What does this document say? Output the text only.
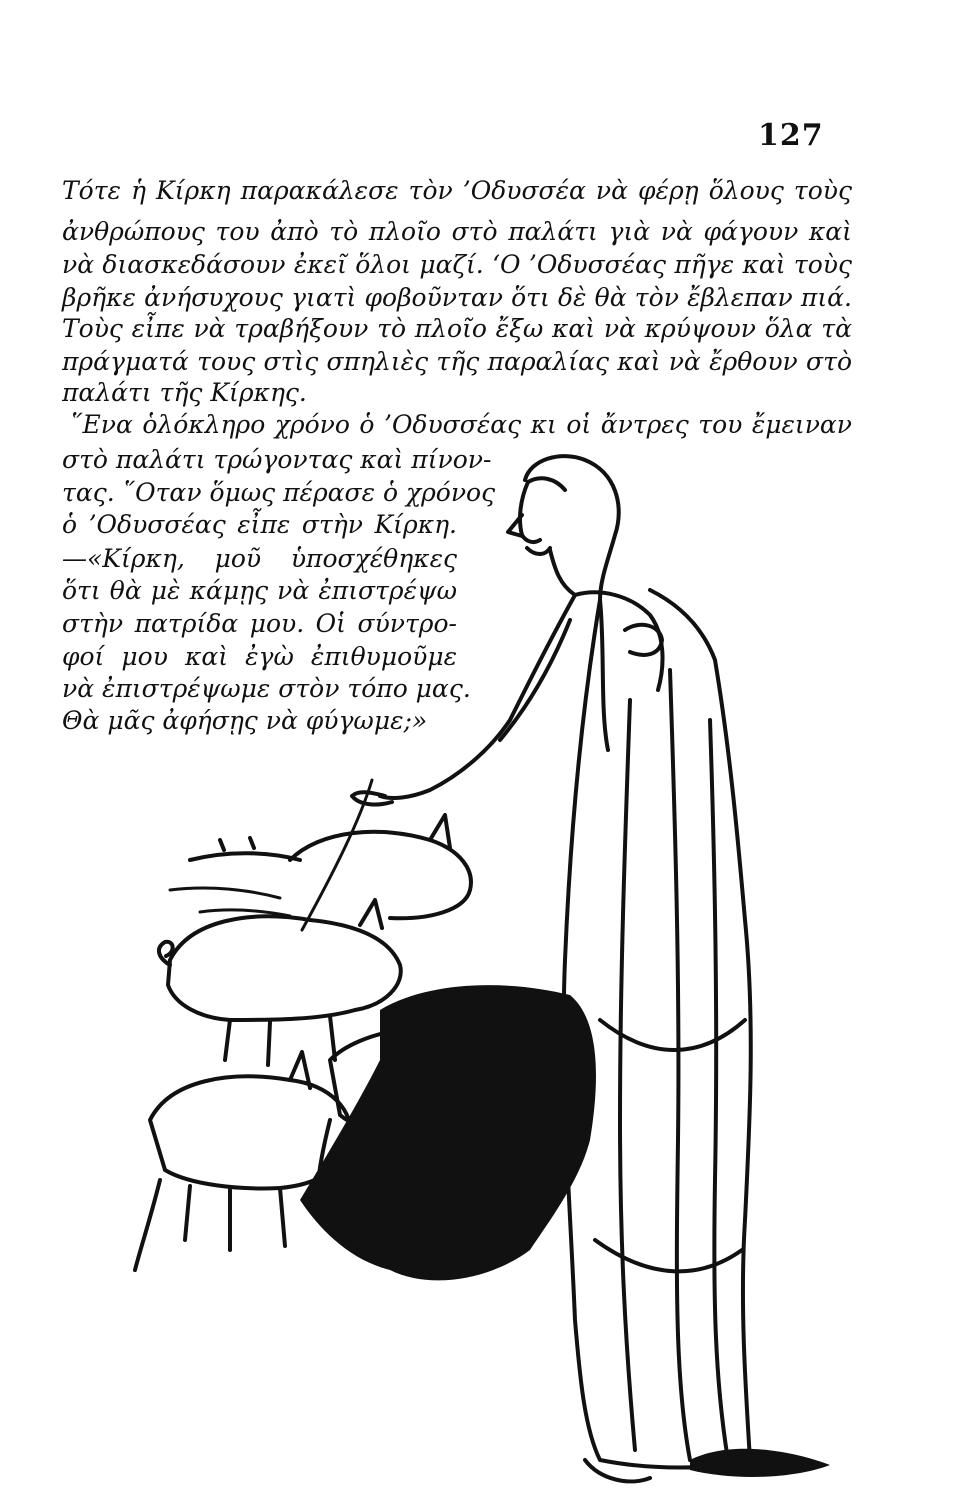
127

Τότε ἡ Κίρκη παρακάλεσε τὸν ’Οδυσσέα νὰ φέρῃ ὅλους τοὺς

ἀνθρώπους του ἀπὸ τὸ πλοῖο στὸ παλάτι γιὰ νὰ φάγουν καὶ

νὰ διασκεδάσουν ἐκεῖ ὅλοι μαζί. ‘Ο ’Οδυσσέας πῆγε καὶ τοὺς

βρῆκε ἀνήσυχους γιατὶ φοβοῦνταν ὅτι δὲ θὰ τὸν ἔβλεπαν πιά.

Τοὺς εἶπε νὰ τραβήξουν τὸ πλοῖο ἔξω καὶ νὰ κρύψουν ὅλα τὰ

πράγματά τους στὶς σπηλιὲς τῆς παραλίας καὶ νὰ ἔρθουν στὸ

παλάτι τῆς Κίρκης.

῞Ενα ὁλόκληρο χρόνο ὁ ’Οδυσσέας κι οἱ ἄντρες του ἔμειναν

στὸ παλάτι τρώγοντας καὶ πίνον-

τας. ῞Οταν ὅμως πέρασε ὁ χρόνος

ὁ ’Οδυσσέας εἶπε στὴν Κίρκη.

—«Κίρκη, μοῦ ὑποσχέθηκες

ὅτι θὰ μὲ κάμῃς νὰ ἐπιστρέψω

στὴν πατρίδα μου. Οἱ σύντρο-

φοί μου καὶ ἐγὼ ἐπιθυμοῦμε

νὰ ἐπιστρέψωμε στὸν τόπο μας.

Θὰ μᾶς ἀφήσῃς νὰ φύγωμε;»
